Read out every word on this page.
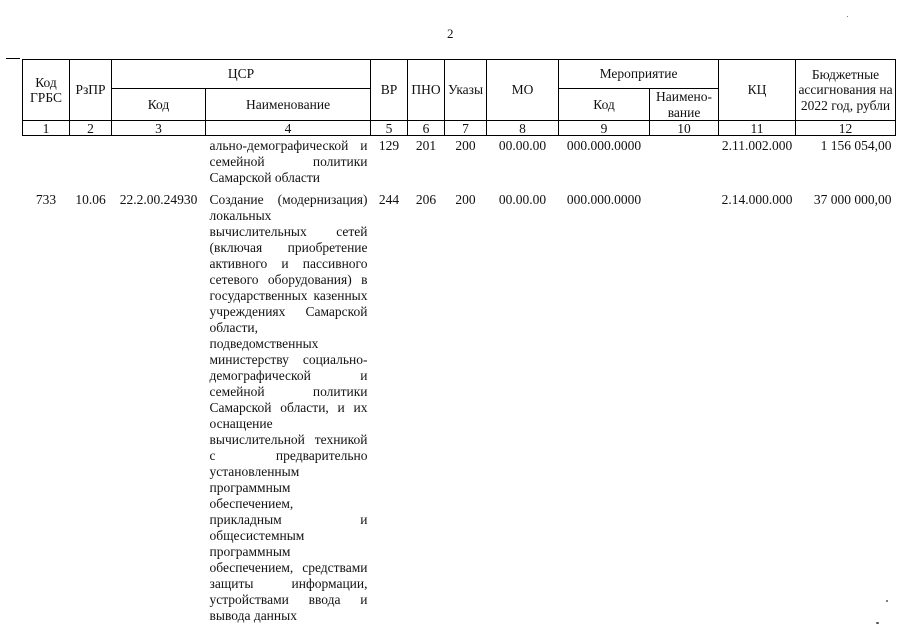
2
Код ГРБС	РзПР	ЦСР		ВР	ПНО	Указы	МО	Мероприятие		КЦ	Бюджетные ассигнования на 2022 год, рубли
		Код	Наименование					Код	Наимено-вание		
1	2	3	4	5	6	7	8	9	10	11	12
			ально-демографической и семейной политики Самарской области	129	201	200	00.00.00	000.000.0000		2.11.002.000	1 156 054,00
733	10.06	22.2.00.24930	Создание (модернизация) локальных вычислительных сетей (включая приобретение активного и пассивного сетевого оборудования) в государственных казенных учреждениях Самарской области, подведомственных министерству социально-демографической и семейной политики Самарской области, и их оснащение вычислительной техникой с предварительно установленным программным обеспечением, прикладным и общесистемным программным обеспечением, средствами защиты информации, устройствами ввода и вывода данных	244	206	200	00.00.00	000.000.0000		2.14.000.000	37 000 000,00
